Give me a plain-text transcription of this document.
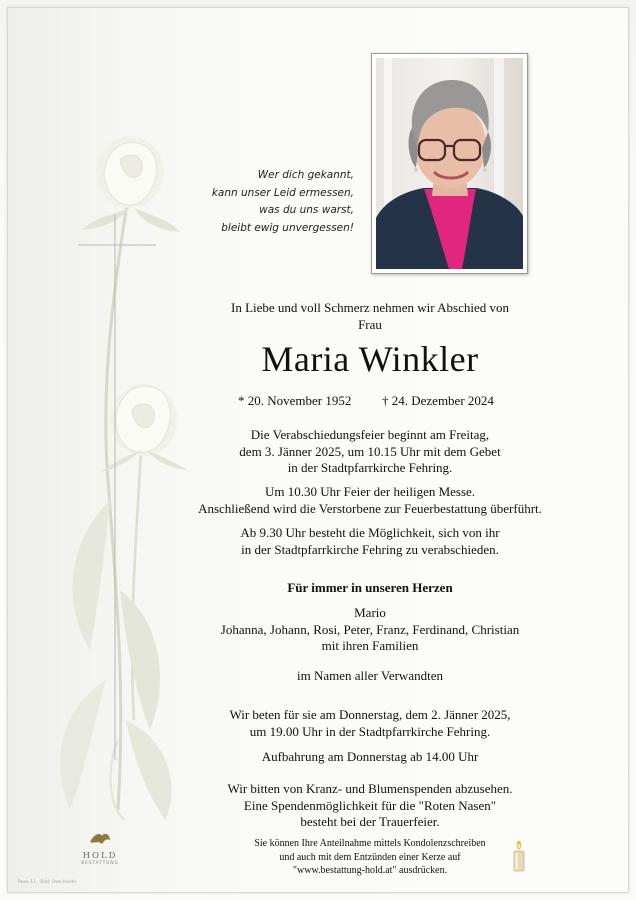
Wer dich gekannt,
kann unser Leid ermessen,
was du uns warst,
bleibt ewig unvergessen!
In Liebe und voll Schmerz nehmen wir Abschied von
Frau
Maria Winkler
* 20. November 1952 † 24. Dezember 2024
Die Verabschiedungsfeier beginnt am Freitag,
dem 3. Jänner 2025, um 10.15 Uhr mit dem Gebet
in der Stadtpfarrkirche Fehring.
Um 10.30 Uhr Feier der heiligen Messe.
Anschließend wird die Verstorbene zur Feuerbestattung überführt.
Ab 9.30 Uhr besteht die Möglichkeit, sich von ihr
in der Stadtpfarrkirche Fehring zu verabschieden.
Für immer in unseren Herzen
Mario
Johanna, Johann, Rosi, Peter, Franz, Ferdinand, Christian
mit ihren Familien
im Namen aller Verwandten
Wir beten für sie am Donnerstag, dem 2. Jänner 2025,
um 19.00 Uhr in der Stadtpfarrkirche Fehring.
Aufbahrung am Donnerstag ab 14.00 Uhr
Wir bitten von Kranz- und Blumenspenden abzusehen.
Eine Spendenmöglichkeit für die "Roten Nasen"
besteht bei der Trauerfeier.
Sie können Ihre Anteilnahme mittels Kondolenzschreiben
und auch mit dem Entzünden einer Kerze auf
"www.bestattung-hold.at" ausdrücken.
HOLD
BESTATTUNG
Rose 11 - Bild: Uwe Hoidn
